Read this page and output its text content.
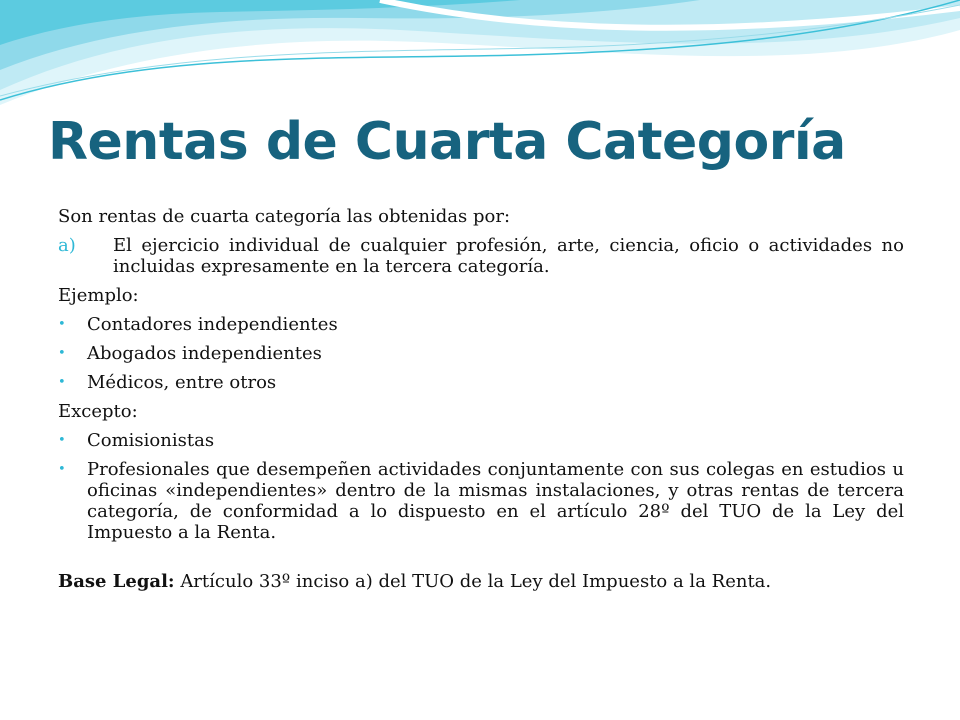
Rentas de Cuarta Categoría

Son rentas de cuarta categoría las obtenidas por:

a)	El ejercicio individual de cualquier profesión, arte, ciencia, oficio o actividades no incluidas expresamente en la tercera categoría.

Ejemplo:

•	Contadores independientes
•	Abogados independientes
•	Médicos, entre otros

Excepto:

•	Comisionistas
•	Profesionales que desempeñen actividades conjuntamente con sus colegas en estudios u oficinas «independientes» dentro de la mismas instalaciones, y otras rentas de tercera categoría, de conformidad a lo dispuesto en el artículo 28º del TUO de la Ley del Impuesto a la Renta.

Base Legal: Artículo 33º inciso a) del TUO de la Ley del Impuesto a la Renta.
